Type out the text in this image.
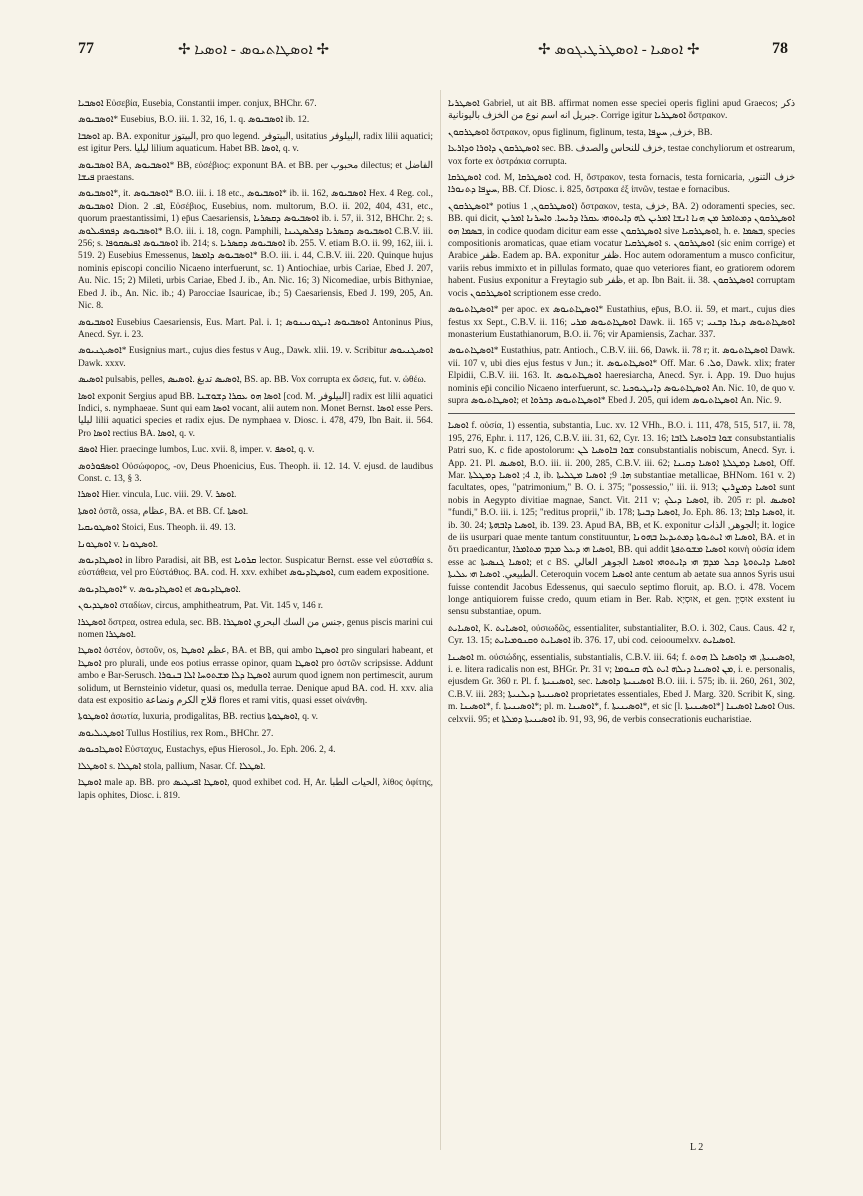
77	✢ ܐܘܣܛܐܬܝܘܣ - ܐܘܣܝܐ ✢	✢ ܐܘܣܝܐ - ܐܘܣܛܪܛܝܓܘܣ ✢	78

ܐܘܣܒܝܐ Εὐσεβία, Eusebia, Constantii imper. conjux, BHChr. 67.

ܐܘܣܒܝܘܣ* Eusebius, B.O. iii. 1. 32, 16, 1. q. ܐܘܣܒܝܘܣ ib. 12.

ܐܘܣܒܐ ap. BA. exponitur البيتوز, pro quo legend. البيتوفر, usitatius البيلوفر, radix lilii aquatici; est igitur Pers. لیلیا lilium aquaticum. Habet BB. ܐܘܣܐ, q. v.

ܐܘܣܒܝܘܣ BA, ܐܘܣܒܝܘܣ* BB, εὐσέβιος: exponunt BA. et BB. per محبوب dilectus; et الفاضل ܦܝܫܐ praestans.

ܐܘܣܒܝܘܣ*, it. ܐܘܣܒܝܘܣ* B.O. iii. i. 18 etc., ܐܘܣܒܝܘܣ* ib. ii. 162, ܐܘܣܒܝܘܣ Hex. 4 Reg. col., ܐܘܣܒܝܘܣ Dion. ܐܦ. 2, Εὐσέβιος, Eusebius, nom. multorum, B.O. ii. 202, 404, 431, etc., quorum praestantissimi, 1) ep̄us Caesariensis, ܐܘܣܒܝܘܣ ܕܩܣܪܝܐ ib. i. 57, ii. 312, BHChr. 2; s. ܐܘܣܒܝܘܣ ܕܦܡܦܝܠܘܣ* B.O. iii. i. 18, cogn. Pamphili, ܐܘܣܒܝܘܣ ܕܩܣܪܝܐ ܕܦܠܣܛܝܢܐ C.B.V. iii. 256; s. ܐܘܣܒܝܘܣ ܐܦܝܣܩܘܦܐ ib. 214; s. ܐܘܣܒܝܘܣ ܕܩܣܪܝܐ ib. 255. V. etiam B.O. ii. 99, 162, iii. i. 519. 2) Eusebius Emessenus, ܐܘܣܒܝܘܣ ܕܐܡܣܐ* B.O. iii. i. 44, C.B.V. iii. 220. Quinque hujus nominis episcopi concilio Nicaeno interfuerunt, sc. 1) Antiochiae, urbis Cariae, Ebed J. 207, Au. Nic. 15; 2) Mileti, urbis Cariae, Ebed J. ib., An. Nic. 16; 3) Nicomediae, urbis Bithyniae, Ebed J. ib., An. Nic. ib.; 4) Parocciae Isauricae, ib.; 5) Caesariensis, Ebed J. 199, 205, An. Nic. 8.

ܐܘܣܒܝܘܣ Eusebius Caesariensis, Eus. Mart. Pal. i. 1; ܐܘܣܒܝܘܣ ܐܢܛܘܢܝܢܘܣ Antoninus Pius, Anecd. Syr. i. 23.

ܐܘܣܝܓܢܝܘܣ* Eusignius mart., cujus dies festus v Aug., Dawk. xlii. 19. v. Scribitur ܐܘܣܝܓܢܝܘܣ Dawk. xxxv.

ܐܘܣܝܣ pulsabis, pelles, ܐܘܣܝܣ تدبغ .ܐܘܣܝܣ, BS. ap. BB. Vox corrupta ex ὤσεις, fut. v. ὠθέω.

ܐܘܣܐ exponit Sergius apud BB. ܐܘܣܐ ܗܘ ܥܩܪܐ ܕܫܘܫܢܐ [cod. M. البيلوفر] radix est lilii aquatici Indici, s. nymphaeae. Sunt qui eam ܐܘܣܐ vocant, alii autem non. Monet Bernst. ܐܘܣܐ esse Pers. لیلیا lilii aquatici species et radix ejus. De nymphaea v. Diosc. i. 478, 479, Ibn Bait. ii. 564. Pro ܐܘܣܐ rectius BA. ܐܘܣܐ, q. v.

ܐܘܣܦ Hier. praecinge lumbos, Luc. xvii. 8, imper. v. ܐܘܣܦ, q. v.

ܐܘܣܦܘܪܘܣ Οὐσώφορος, -ον, Deus Phoenicius, Eus. Theoph. ii. 12. 14. V. ejusd. de laudibus Const. c. 13, § 3.

ܐܘܣܪܐ Hier. vincula, Luc. viii. 29. V. ܐܘܣܪ.

ܐܘܣܬܐ ὀστᾶ, ossa, عظام, BA. et BB. Cf. ܐܘܣܬܐ.

ܐܘܣܛܘܝܩܝܐ Stoici, Eus. Theoph. ii. 49. 13.

ܐܘܣܛܘܢܐ v. ܐܘܣܛܘܢܐ.

ܐܘܣܛܐܕܝܘܣ in libro Paradisi, ait BB, est ܩܪܘܝܐ lector. Suspicatur Bernst. esse vel εὐσταθία s. εὐστάθεια, vel pro Εὐστάθιος. BA. cod. H. xxv. exhibet ܐܘܣܛܐܕܝܘܣ, cum eadem expositione.

ܐܘܣܛܐܕܝܘܣ* v. ܐܘܣܛܐܕܝܘܣ et ܐܘܣܛܐܕܝܘܣ.

ܐܘܣܛܕܝܘܢ σταδίων, circus, amphitheatrum, Pat. Vit. 145 v, 146 r.

ܐܘܣܛܪܐ ὄστρεα, ostrea edula, sec. BB. جنس من السك البحري ܐܘܣܛܪܐ, genus piscis marini cui nomen ܐܘܣܛܪܐ.

ܐܘܣܛܐ ὀστέον, ὀστοῦν, os, عظم ܐܘܣܛܐ, BA. et BB, qui ambo ܐܘܣܛܐ pro singulari habeant, et ܐܘܣܛܐ pro plurali, unde eos potius errasse opinor, quam ܐܘܣܛܐ pro ὀστῶν scripsisse. Addunt ambo e Bar-Serusch. ܐܘܣܛܐ ܕܠܐ ܡܫܬܘܚܐ ܐܠܐ ܒܢܘܪܐ aurum quod ignem non pertimescit, aurum solidum, ut Bernsteinio videtur, quasi os, medulla terrae. Denique apud BA. cod. H. xxv. alia data est expositio قلاح الكرم ونضاعة flores et rami vitis, quasi esset οἰνάνθη.

ܐܘܣܛܘܬܐ ἀσωτία, luxuria, prodigalitas, BB. rectius ܐܘܣܛܘܬܐ, q. v.

ܐܘܣܛܝܠܝܘܣ Tullus Hostilius, rex Rom., BHChr. 27.

ܐܘܣܛܐܟܝܘܣ Εὐσταχυς, Eustachys, ep̄us Hierosol., Jo. Eph. 206. 2, 4.

ܐܘܣܛܠܐ s. ܐܣܛܠܐ stola, pallium, Nasar. Cf. ܐܣܛܠܐ.

ܐܘܣܛܐ male ap. BB. pro ܐܘܣܛܐ ܐܦܝܛܝܣ, quod exhibet cod. H, Ar. الحيات الطبا, λίθος ὀφίτης, lapis ophites, Diosc. i. 819.

ܐܘܣܛܪܝܐ Gabriel, ut ait BB. affirmat nomen esse speciei operis figlini apud Graecos; ذكر جبريل انه اسم نوع من الخزف باليونانية. Corrige igitur ܐܘܣܛܪܝܐ ὄστρακον.

ܐܘܣܛܪܩܘܢ ὄστρακον, opus figlinum, figlinum, testa, خزف, ܚܨܦܐ, BB.

ܐܘܣܛܪܩܘܢ ܕܐܘܪܐ ܘܕܐܪܥܐ sec. BB. خزف للنحاس والصدف, testae conchyliorum et ostrearum, vox forte ex ὀστράκια corrupta.

ܐܘܣܛܪܩܐ cod. M, ܐܘܣܛܪܩܐ cod. H, ὄστρακον, testa fornacis, testa fornicaria, خزف التنور, ܚܨܦܐ ܕܬܢܘܪܐ, BB. Cf. Diosc. i. 825, ὄστρακα ἐξ ἰπνῶν, testae e fornacibus.

ܐܘܣܛܪܩܘܢ* potius ܐܘܣܛܪܩܘܢ, 1) ὄστρακον, testa, خزف, BA. 2) odoramenti species, sec. BB. qui dicit, ܐܘܣܛܪܩܘܢ ܕܡܬܐܡܪ ܡܢ ܗܢܐ ܐܢܫܐ ܐܡܪܝܢ ܠܗ ܕܐܝܬܘܗܝ ܥܩܪܐ ܕܪܝܚܐ. ܘܐܚܪܢܐ ܐܡܪܝܢ ܒܣܡܐ ܗܘ, in codice quodam dicitur eam esse ܐܘܣܛܪܩܘܢ sive ܐܘܣܛܪܩܝܐ, h. e. ܒܣܡܐ, species compositionis aromaticas, quae etiam vocatur ܐܘܣܛܪܩܝܐ s. ܐܘܣܛܪܩܘܢ (sic enim corrige) et Arabice ظفر. Eadem ap. BA. exponitur ظفر. Hoc autem odoramentum a musco conficitur, variis rebus immixto et in pillulas formato, quae quo veteriores fiant, eo gratiorem odorem habent. Fusius exponitur a Freytagio sub ظفر, et ap. Ibn Bait. ii. 38. ܐܘܣܛܪܩܘܢ corruptam vocis ܐܘܣܛܪܩܘܢ scriptionem esse credo.

ܐܘܣܛܐܬܝܘܣ* per apoc. ex ܐܘܣܛܐܬܝܘܣ* Eustathius, ep̄us, B.O. ii. 59, et mart., cujus dies festus xx Sept., C.B.V. ii. 116; ܐܘܣܛܐܬܝܘܣ ܡܪܝ Dawk. ii. 165 v; ܐܘܣܛܐܬܝܘܣ ܕܝܪܐ ܕܒܢܝ monasterium Eustathianorum, B.O. ii. 76; vir Apamiensis, Zachar. 337.

ܐܘܣܛܐܬܝܘܣ* Eustathius, patr. Antioch., C.B.V. iii. 66, Dawk. ii. 78 r; it. ܐܘܣܛܐܬܝܘܣ Dawk. vii. 107 v, ubi dies ejus festus v Jun.; it. ܐܘܣܛܐܬܝܘܣ* Off. Mar. ܘܠ. 6, Dawk. xlix; frater Elpidii, C.B.V. iii. 163. It. ܐܘܣܛܐܬܝܘܣ haeresiarcha, Anecd. Syr. i. App. 19. Duo hujus nominis ep̄i concilio Nicaeno interfuerunt, sc. ܐܘܣܛܐܬܝܘܣ ܕܐܢܛܝܘܟܝܐ An. Nic. 10, de quo v. supra ܐܘܣܛܐܬܝܘܣ; et ܐܘܣܛܐܬܝܘܣ ܕܒܪܘܐ* Ebed J. 205, qui idem ܐܘܣܛܐܬܝܘܣ An. Nic. 9.

ܐܘܣܝܐ f. οὐσία, 1) essentia, substantia, Luc. xv. 12 VHh., B.O. i. 111, 478, 515, 517, ii. 78, 195, 276, Ephr. i. 117, 126, C.B.V. iii. 31, 62, Cyr. 13. 16; ܫܘܐ ܒܐܘܣܝܐ ܠܐܒܐ consubstantialis Patri suo, K. c fide apostolorum: ܫܘܐ ܒܐܘܣܝܐ ܠܢ consubstantialis nobiscum, Anecd. Syr. i. App. 21. Pl. ܐܘܣܝܣ, B.O. iii. ii. 200, 285, C.B.V. iii. 62; ܐܘܣܝܐ ܕܡܛܠܬܐ ܐܘܣܝܐ ܕܩܝܢܐ, Off. Mar. ܐ. 4; ܐܘܣܝܐ ܕܡܛܠܬܐ, ib. ܗܐ. 9; ܐܘܣܝܐ ܡܛܠܝܬܐ substantiae metallicae, BHNom. 161 v. 2) facultates, opes, "patrimonium," B. O. i. 375; "possessio," iii. ii. 913; ܐܘܣܝܐ ܕܡܨܪܝܢ sunt nobis in Aegypto divitiae magnae, Sanct. Vit. 211 v; ܐܘܣܝܐ ܕܝܠܟ, ib. 205 r: pl. ܐܘܣܝܣ "fundi," B.O. iii. i. 125; "reditus proprii," ib. 178; ܐܘܣܝܐ ܕܒܝܬܐ, Jo. Eph. 86. 13; ܐܘܣܝܐ ܕܐܒܐ, it. ib. 30. 24; ܐܘܣܝܐ ܕܐܒܗܬܐ, ib. 139. 23. Apud BA, BB, et K. exponitur الجوهر, الذات; it. logice de iis usurpari quae mente tantum constituuntur, ܐܘܣܝܐ ܗܝ ܐܝܬܝܘܬܐ ܕܡܬܝܕܥܐ ܒܗܘܢܐ, BA. et in ὄτι praedicantur, ܐܘܣܝܐ ܗܝ ܕܥܠ ܡܕܡ ܡܬܐܡܪܐ, BB. qui addit ܐܘܣܝܐ ܡܫܘܬܦܬܐ κοινὴ οὐσία idem esse ac ܐܘܣܝܐ ܓܢܣܝܬܐ; et c BS. ܐܘܣܝܐ ܕܐܝܬܘܬܐ ܕܟܠ ܡܕܡ ܗܝ ܕܐܝܬܘܗܝ ܐܘܣܝܐ الجوهر العالي الطبيعي. ܐܘܣܝܐ ܗܝ ܥܠܝܬܐ. Ceteroquin vocem ܐܘܣܝܐ ante centum ab aetate sua annos Syris usui fuisse contendit Jacobus Edessenus, qui saeculo septimo floruit, ap. B.O. i. 478. Vocem longe antiquiorem fuisse credo, quum etiam in Ber. Rab. אוּסְיָא, et gen. אוּסִיָּן exstent iu sensu substantiae, opum.

ܐܘܣܝܐܝܬ, K. ܐܘܣܝܐܝܬ, οὐσιωδῶς, essentialiter, substantialiter, B.O. i. 302, Caus. Caus. 42 r, Cyr. 13. 15; ܐܘܣܝܐܝܬ ܘܩܢܘܡܝܐܝܬ ib. 376. 17, ubi cod. ceiooumelxv. ܐܘܣܝܐܝܬ.

ܐܘܣܝܢܐ m. οὐσιώδης, essentialis, substantialis, C.B.V. iii. 64; f. ܐܘܣܝܢܝܬܐ, ܗܝ ܕܐܘܣܝܐ ܠܐ ܗܘܬ, i. e. litera radicalis non est, BHGr. Pr. 31 v; ܡܢ ܐܘܣܝܢܐ ܕܝܠܗ ܐܝܬ ܠܗ ܩܢܘܡܐ, i. e. personalis, ejusdem Gr. 360 r. Pl. f. ܐܘܣܝܢܝܬܐ, sec. ܐܘܣܝܢܝܬܐ ܕܐܘܣܝܐ B.O. iii. i. 575; ib. ii. 260, 261, 302, C.B.V. iii. 283; ܐܘܣܝܢܝܬܐ ܕܝܠܢܝܬܐ proprietates essentiales, Ebed J. Marg. 320. Scribit K, sing. m. ܐܘܣܝܢܐ*, f. ܐܘܣܝܢܝܬܐ*; pl. m. ܐܘܣܝܢܐ*, f. ܐܘܣܝܢܝܬܐ*, et sic [l. ܐܘܣܝܢܝܬܐ*] ܐܘܣܝܐ ܐܘܣܝܢܐ Ous. celxvii. 95; et ܐܘܣܝܢܝܬܐ ܕܡܠܬܐ ib. 91, 93, 96, de verbis consecrationis eucharistiae.

L 2
